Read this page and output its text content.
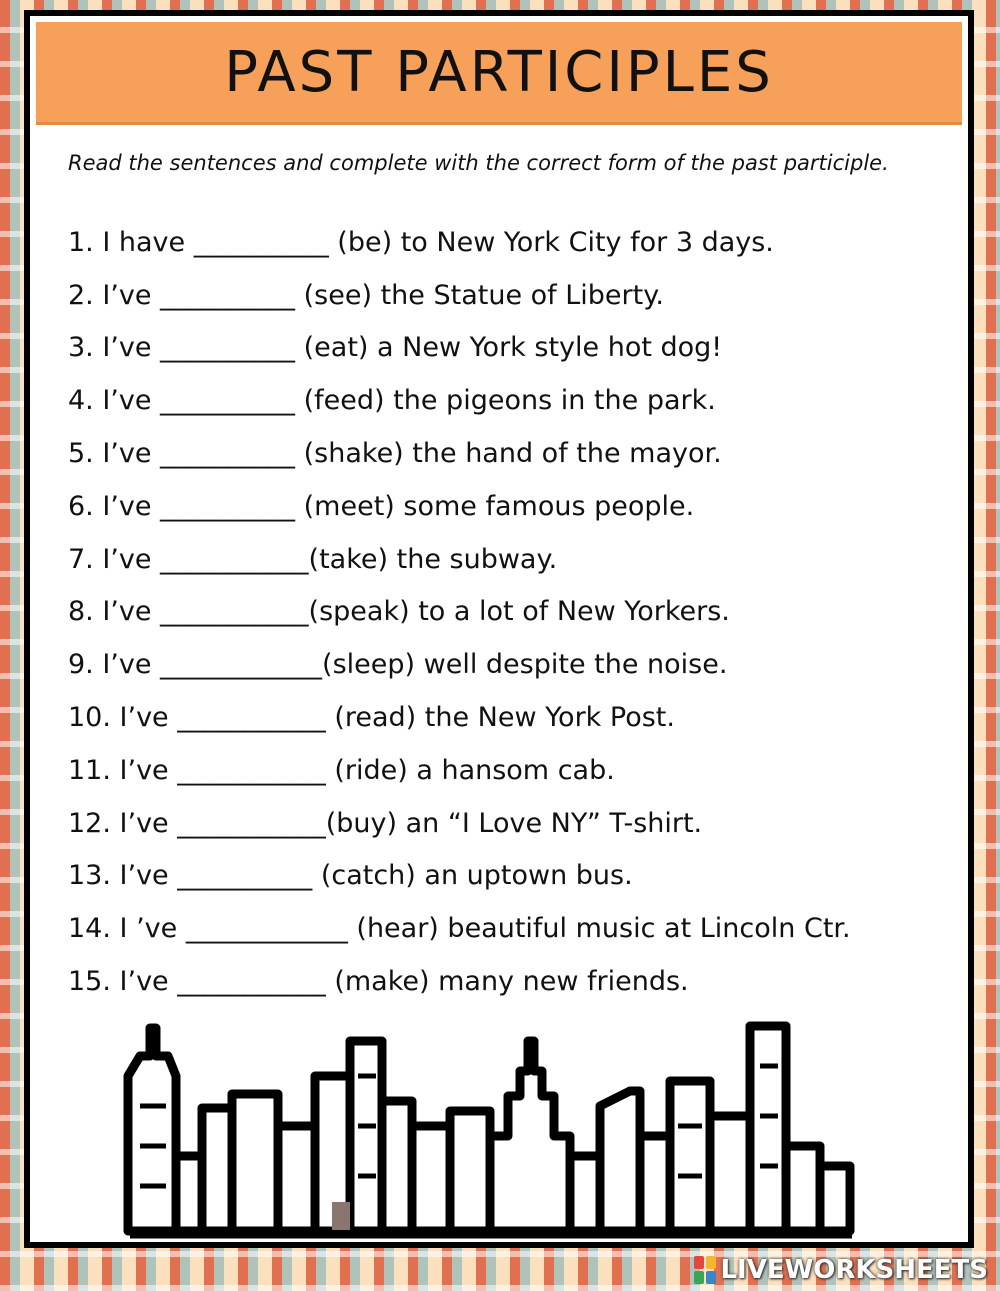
PAST PARTICIPLES
Read the sentences and complete with the correct form of the past participle.
1. I have __________ (be) to New York City for 3 days.
2. I’ve __________ (see) the Statue of Liberty.
3. I’ve __________ (eat) a New York style hot dog!
4. I’ve __________ (feed) the pigeons in the park.
5. I’ve __________ (shake) the hand of the mayor.
6. I’ve __________ (meet) some famous people.
7. I’ve ___________(take) the subway.
8. I’ve ___________(speak) to a lot of New Yorkers.
9. I’ve ____________(sleep) well despite the noise.
10. I’ve ___________ (read) the New York Post.
11. I’ve ___________ (ride) a hansom cab.
12. I’ve ___________(buy) an “I Love NY” T-shirt.
13. I’ve __________ (catch) an uptown bus.
14. I ’ve ____________ (hear) beautiful music at Lincoln Ctr.
15. I’ve ___________ (make) many new friends.
LIVEWORKSHEETS
